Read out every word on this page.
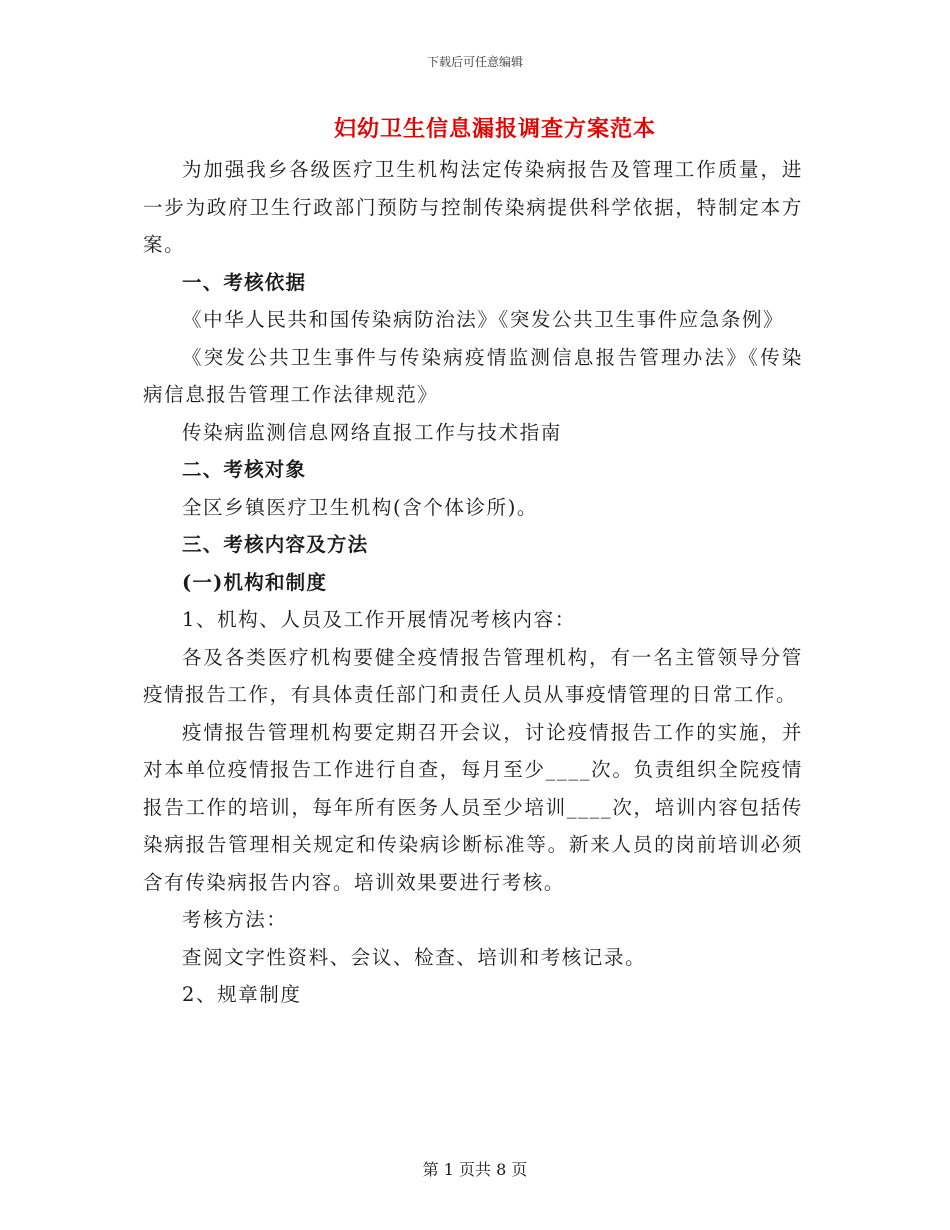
下载后可任意编辑
妇幼卫生信息漏报调查方案范本

为加强我乡各级医疗卫生机构法定传染病报告及管理工作质量，进一步为政府卫生行政部门预防与控制传染病提供科学依据，特制定本方案。

一、考核依据

《中华人民共和国传染病防治法》《突发公共卫生事件应急条例》

《突发公共卫生事件与传染病疫情监测信息报告管理办法》《传染病信息报告管理工作法律规范》

传染病监测信息网络直报工作与技术指南

二、考核对象

全区乡镇医疗卫生机构(含个体诊所)。

三、考核内容及方法

(一)机构和制度

1、机构、人员及工作开展情况考核内容：

各及各类医疗机构要健全疫情报告管理机构，有一名主管领导分管疫情报告工作，有具体责任部门和责任人员从事疫情管理的日常工作。

疫情报告管理机构要定期召开会议，讨论疫情报告工作的实施，并对本单位疫情报告工作进行自查，每月至少____次。负责组织全院疫情报告工作的培训，每年所有医务人员至少培训____次，培训内容包括传染病报告管理相关规定和传染病诊断标准等。新来人员的岗前培训必须含有传染病报告内容。培训效果要进行考核。

考核方法：

查阅文字性资料、会议、检查、培训和考核记录。

2、规章制度

第 1 页共 8 页
